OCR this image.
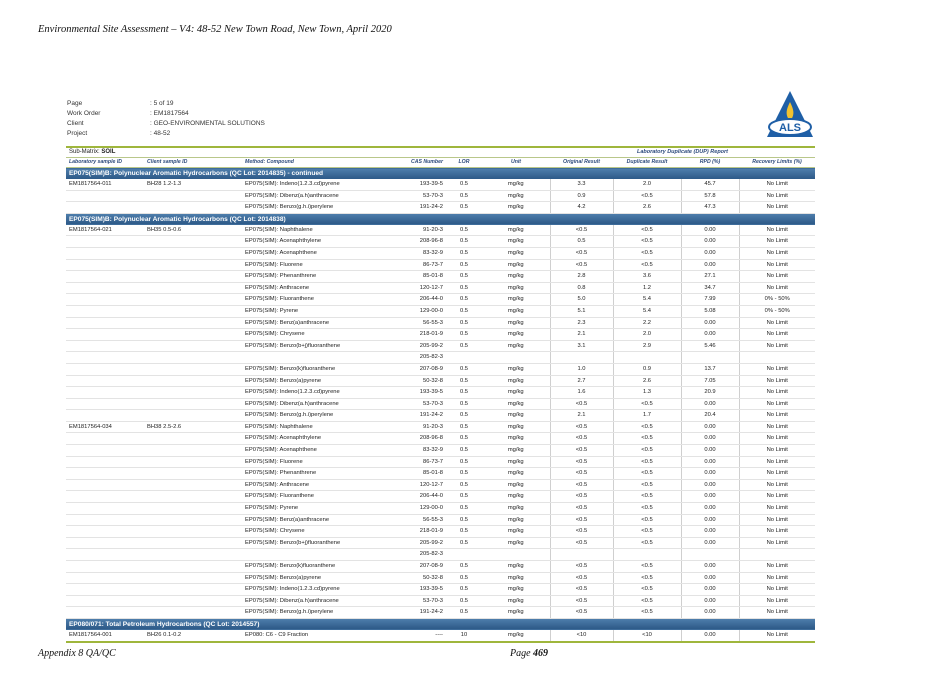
Environmental Site Assessment – V4: 48-52 New Town Road, New Town, April 2020
Page	: 5 of 19
Work Order	: EM1817564
Client	: GEO-ENVIRONMENTAL SOLUTIONS
Project	: 48-52	ALS

Sub-Matrix: SOIL						Laboratory Duplicate (DUP) Report			
Laboratory sample ID	Client sample ID	Method: Compound	CAS Number	LOR	Unit	Original Result	Duplicate Result	RPD (%)	Recovery Limits (%)
EP075(SIM)B: Polynuclear Aromatic Hydrocarbons (QC Lot: 2014835) - continued									
EM1817564-011	BH28 1.2-1.3	EP075(SIM): Indeno(1.2.3.cd)pyrene	193-39-5	0.5	mg/kg	3.3	2.0	45.7	No Limit
		EP075(SIM): Dibenz(a.h)anthracene	53-70-3	0.5	mg/kg	0.9	<0.5	57.8	No Limit
		EP075(SIM): Benzo(g.h.i)perylene	191-24-2	0.5	mg/kg	4.2	2.6	47.3	No Limit
EP075(SIM)B: Polynuclear Aromatic Hydrocarbons (QC Lot: 2014838)									
EM1817564-021	BH35 0.5-0.6	EP075(SIM): Naphthalene	91-20-3	0.5	mg/kg	<0.5	<0.5	0.00	No Limit
		EP075(SIM): Acenaphthylene	208-96-8	0.5	mg/kg	0.5	<0.5	0.00	No Limit
		EP075(SIM): Acenaphthene	83-32-9	0.5	mg/kg	<0.5	<0.5	0.00	No Limit
		EP075(SIM): Fluorene	86-73-7	0.5	mg/kg	<0.5	<0.5	0.00	No Limit
		EP075(SIM): Phenanthrene	85-01-8	0.5	mg/kg	2.8	3.6	27.1	No Limit
		EP075(SIM): Anthracene	120-12-7	0.5	mg/kg	0.8	1.2	34.7	No Limit
		EP075(SIM): Fluoranthene	206-44-0	0.5	mg/kg	5.0	5.4	7.99	0% - 50%
		EP075(SIM): Pyrene	129-00-0	0.5	mg/kg	5.1	5.4	5.08	0% - 50%
		EP075(SIM): Benz(a)anthracene	56-55-3	0.5	mg/kg	2.3	2.2	0.00	No Limit
		EP075(SIM): Chrysene	218-01-9	0.5	mg/kg	2.1	2.0	0.00	No Limit
		EP075(SIM): Benzo(b+j)fluoranthene	205-99-2	0.5	mg/kg	3.1	2.9	5.46	No Limit
			205-82-3						
		EP075(SIM): Benzo(k)fluoranthene	207-08-9	0.5	mg/kg	1.0	0.9	13.7	No Limit
		EP075(SIM): Benzo(a)pyrene	50-32-8	0.5	mg/kg	2.7	2.6	7.05	No Limit
		EP075(SIM): Indeno(1.2.3.cd)pyrene	193-39-5	0.5	mg/kg	1.6	1.3	20.9	No Limit
		EP075(SIM): Dibenz(a.h)anthracene	53-70-3	0.5	mg/kg	<0.5	<0.5	0.00	No Limit
		EP075(SIM): Benzo(g.h.i)perylene	191-24-2	0.5	mg/kg	2.1	1.7	20.4	No Limit
EM1817564-034	BH38 2.5-2.6	EP075(SIM): Naphthalene	91-20-3	0.5	mg/kg	<0.5	<0.5	0.00	No Limit
		EP075(SIM): Acenaphthylene	208-96-8	0.5	mg/kg	<0.5	<0.5	0.00	No Limit
		EP075(SIM): Acenaphthene	83-32-9	0.5	mg/kg	<0.5	<0.5	0.00	No Limit
		EP075(SIM): Fluorene	86-73-7	0.5	mg/kg	<0.5	<0.5	0.00	No Limit
		EP075(SIM): Phenanthrene	85-01-8	0.5	mg/kg	<0.5	<0.5	0.00	No Limit
		EP075(SIM): Anthracene	120-12-7	0.5	mg/kg	<0.5	<0.5	0.00	No Limit
		EP075(SIM): Fluoranthene	206-44-0	0.5	mg/kg	<0.5	<0.5	0.00	No Limit
		EP075(SIM): Pyrene	129-00-0	0.5	mg/kg	<0.5	<0.5	0.00	No Limit
		EP075(SIM): Benz(a)anthracene	56-55-3	0.5	mg/kg	<0.5	<0.5	0.00	No Limit
		EP075(SIM): Chrysene	218-01-9	0.5	mg/kg	<0.5	<0.5	0.00	No Limit
		EP075(SIM): Benzo(b+j)fluoranthene	205-99-2	0.5	mg/kg	<0.5	<0.5	0.00	No Limit
			205-82-3						
		EP075(SIM): Benzo(k)fluoranthene	207-08-9	0.5	mg/kg	<0.5	<0.5	0.00	No Limit
		EP075(SIM): Benzo(a)pyrene	50-32-8	0.5	mg/kg	<0.5	<0.5	0.00	No Limit
		EP075(SIM): Indeno(1.2.3.cd)pyrene	193-39-5	0.5	mg/kg	<0.5	<0.5	0.00	No Limit
		EP075(SIM): Dibenz(a.h)anthracene	53-70-3	0.5	mg/kg	<0.5	<0.5	0.00	No Limit
		EP075(SIM): Benzo(g.h.i)perylene	191-24-2	0.5	mg/kg	<0.5	<0.5	0.00	No Limit
EP080/071: Total Petroleum Hydrocarbons (QC Lot: 2014557)									
EM1817564-001	BH26 0.1-0.2	EP080: C6 - C9 Fraction	----	10	mg/kg	<10	<10	0.00	No Limit

Appendix 8 QA/QC	Page 469
